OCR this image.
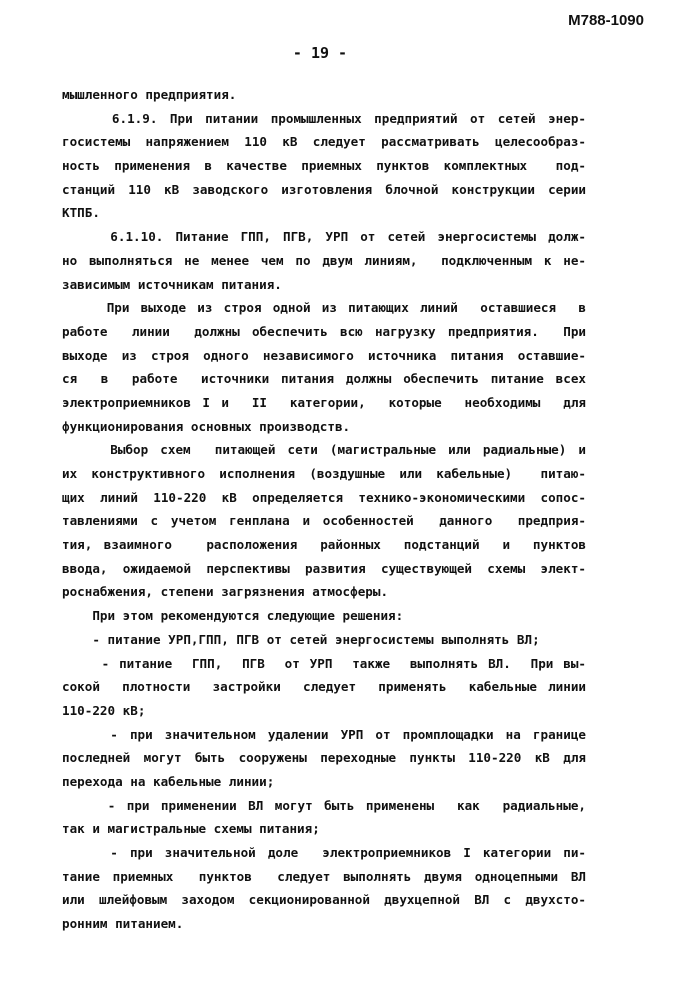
М788-1090
- 19 -
мышленного предприятия.
6.1.9. При питании промышленных предприятий от сетей энер-
госистемы напряжением 110 кВ следует рассматривать целесообраз-
ность применения в качестве приемных пунктов комплектных  под-
станций 110 кВ заводского изготовления блочной конструкции серии
КТПБ.
6.1.10. Питание ГПП, ПГВ, УРП от сетей энергосистемы долж-
но выполняться не менее чем по двум линиям,  подключенным к не-
зависимым источникам питания.
При выходе из строя одной из питающих линий  оставшиеся  в
работе  линии  должны обеспечить всю нагрузку предприятия.  При
выходе из строя одного независимого источника питания оставшие-
ся  в  работе  источники питания должны обеспечить питание всех
электроприемников I и  II  категории,  которые  необходимы  для
функционирования основных производств.
Выбор схем  питающей сети (магистральные или радиальные) и
их конструктивного исполнения (воздушные или кабельные)  питаю-
щих линий 110-220 кВ определяется технико-экономическими сопос-
тавлениями с учетом генплана и особенностей  данного  предприя-
тия, взаимного   расположения  районных  подстанций  и  пунктов
ввода, ожидаемой перспективы развития существующей схемы элект-
роснабжения, степени загрязнения атмосферы.
При этом рекомендуются следующие решения:
- питание УРП,ГПП, ПГВ от сетей энергосистемы выполнять ВЛ;
- питание  ГПП,  ПГВ  от УРП  также  выполнять ВЛ.  При вы-
сокой  плотности  застройки  следует  применять  кабельные линии
110-220 кВ;
- при значительном удалении УРП от промплощадки на границе
последней могут быть сооружены переходные пункты 110-220 кВ для
перехода на кабельные линии;
- при применении ВЛ могут быть применены  как  радиальные,
так и магистральные схемы питания;
- при значительной доле  электроприемников I категории пи-
тание приемных  пунктов  следует выполнять двумя одноцепными ВЛ
или шлейфовым заходом секционированной двухцепной ВЛ с двухсто-
ронним питанием.
